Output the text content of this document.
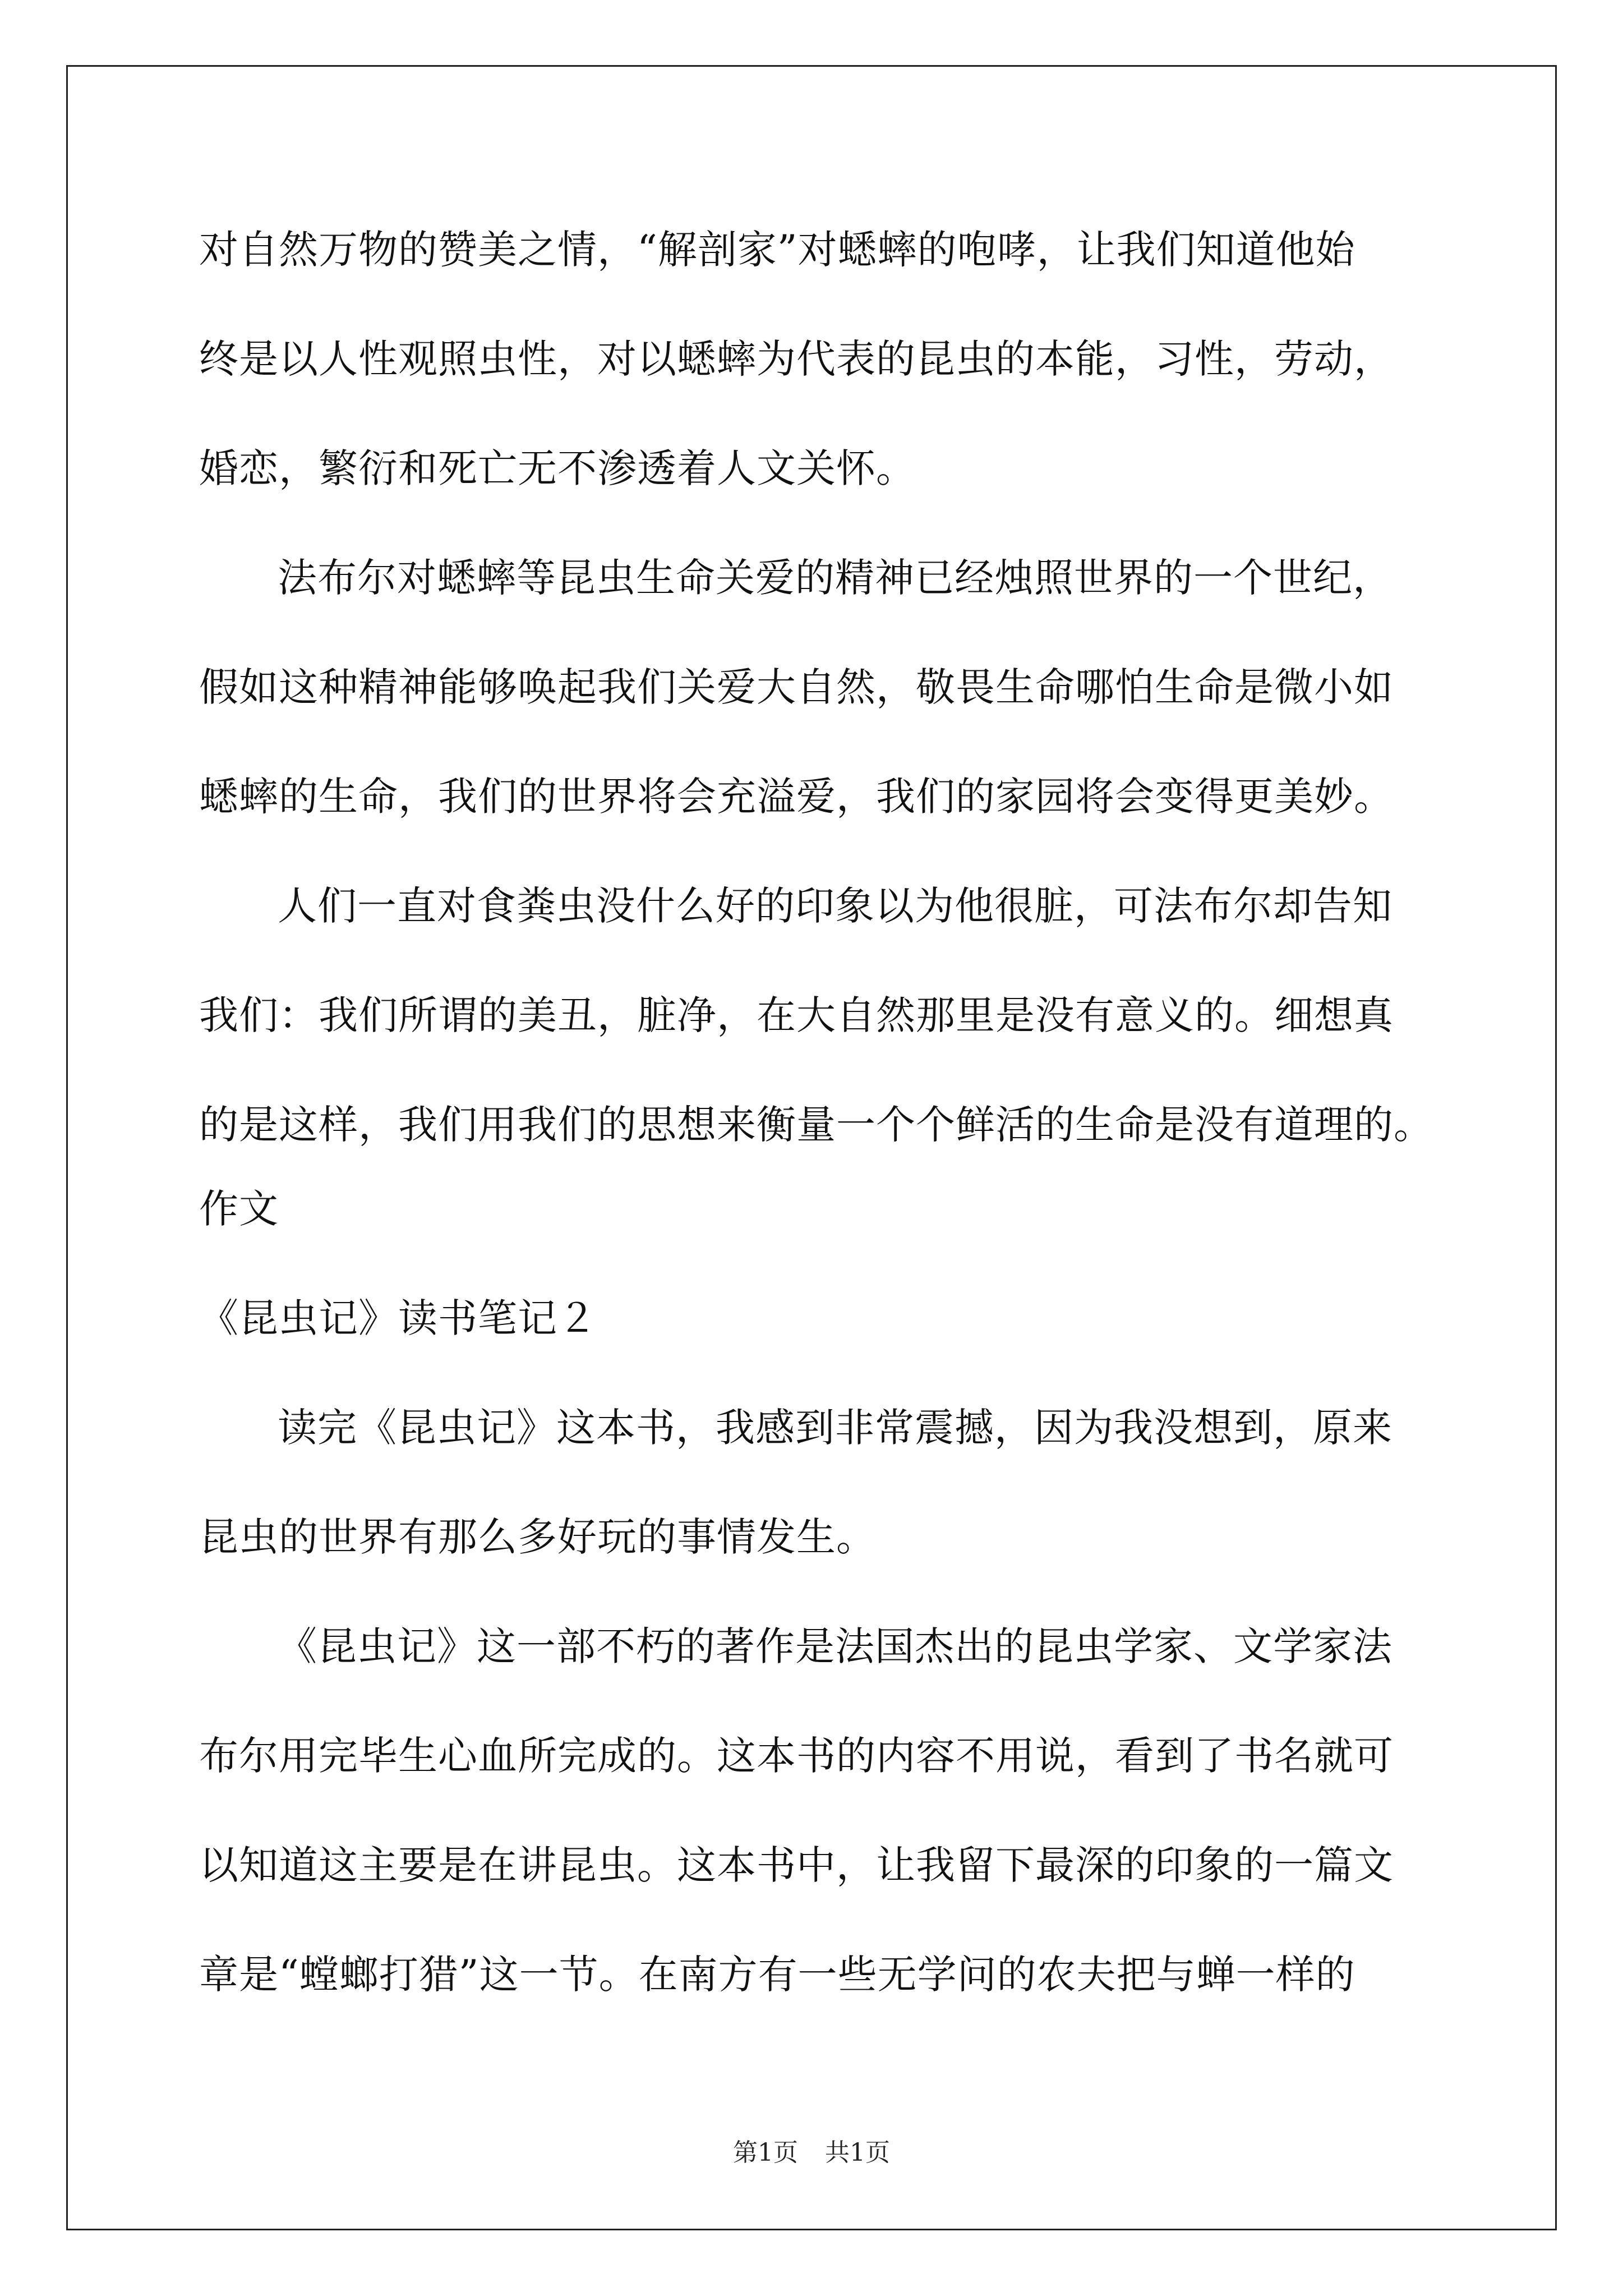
对自然万物的赞美之情，“解剖家”对蟋蟀的咆哮，让我们知道他始
终是以人性观照虫性，对以蟋蟀为代表的昆虫的本能，习性，劳动，
婚恋，繁衍和死亡无不渗透着人文关怀。
法布尔对蟋蟀等昆虫生命关爱的精神已经烛照世界的一个世纪，
假如这种精神能够唤起我们关爱大自然，敬畏生命哪怕生命是微小如
蟋蟀的生命，我们的世界将会充溢爱，我们的家园将会变得更美妙。
人们一直对食粪虫没什么好的印象以为他很脏，可法布尔却告知
我们：我们所谓的美丑，脏净，在大自然那里是没有意义的。细想真
的是这样，我们用我们的思想来衡量一个个鲜活的生命是没有道理的。
作文
《昆虫记》读书笔记２
读完《昆虫记》这本书，我感到非常震撼，因为我没想到，原来
昆虫的世界有那么多好玩的事情发生。
《昆虫记》这一部不朽的著作是法国杰出的昆虫学家、文学家法
布尔用完毕生心血所完成的。这本书的内容不用说，看到了书名就可
以知道这主要是在讲昆虫。这本书中，让我留下最深的印象的一篇文
章是“螳螂打猎”这一节。在南方有一些无学问的农夫把与蝉一样的
第1页 共1页
